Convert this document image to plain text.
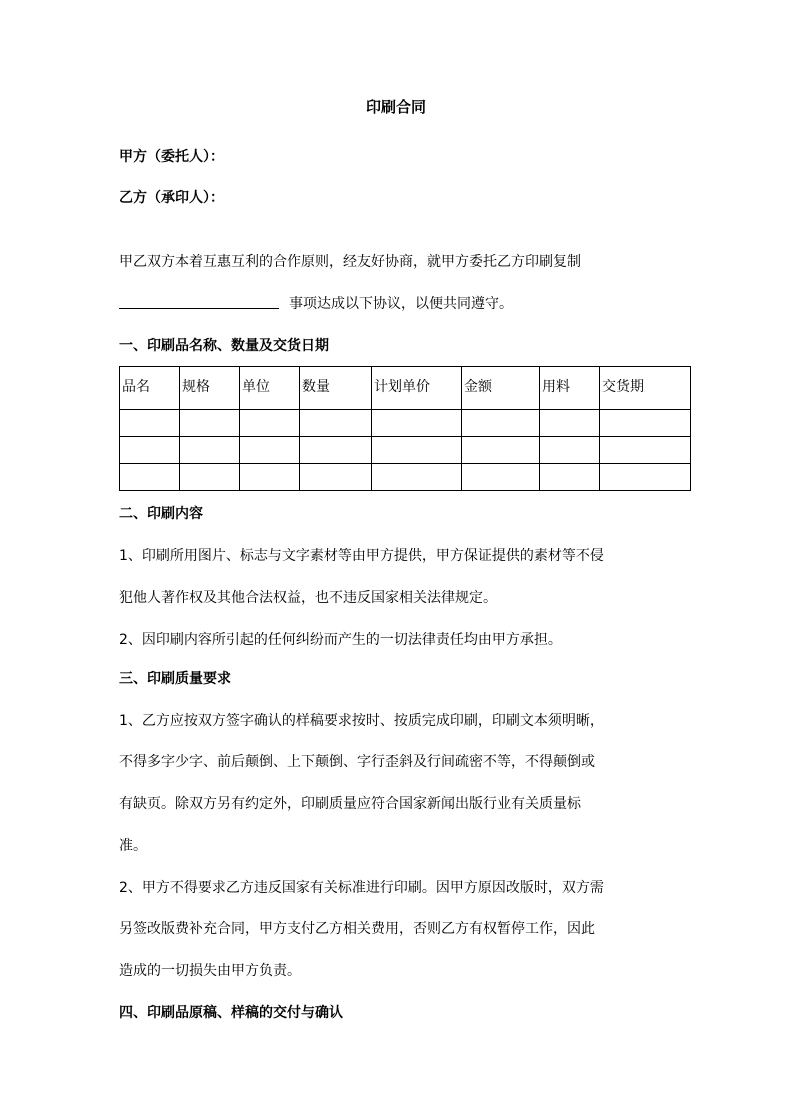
印刷合同
甲方（委托人）：
乙方（承印人）：
甲乙双方本着互惠互利的合作原则，经友好协商，就甲方委托乙方印刷复制
事项达成以下协议，以便共同遵守。
一、印刷品名称、数量及交货日期
品名	规格	单位	数量	计划单价	金额	用料	交货期

二、印刷内容
1、印刷所用图片、标志与文字素材等由甲方提供，甲方保证提供的素材等不侵
犯他人著作权及其他合法权益，也不违反国家相关法律规定。
2、因印刷内容所引起的任何纠纷而产生的一切法律责任均由甲方承担。
三、印刷质量要求
1、乙方应按双方签字确认的样稿要求按时、按质完成印刷，印刷文本须明晰，
不得多字少字、前后颠倒、上下颠倒、字行歪斜及行间疏密不等，不得颠倒或
有缺页。除双方另有约定外，印刷质量应符合国家新闻出版行业有关质量标
准。
2、甲方不得要求乙方违反国家有关标准进行印刷。因甲方原因改版时，双方需
另签改版费补充合同，甲方支付乙方相关费用，否则乙方有权暂停工作，因此
造成的一切损失由甲方负责。
四、印刷品原稿、样稿的交付与确认
